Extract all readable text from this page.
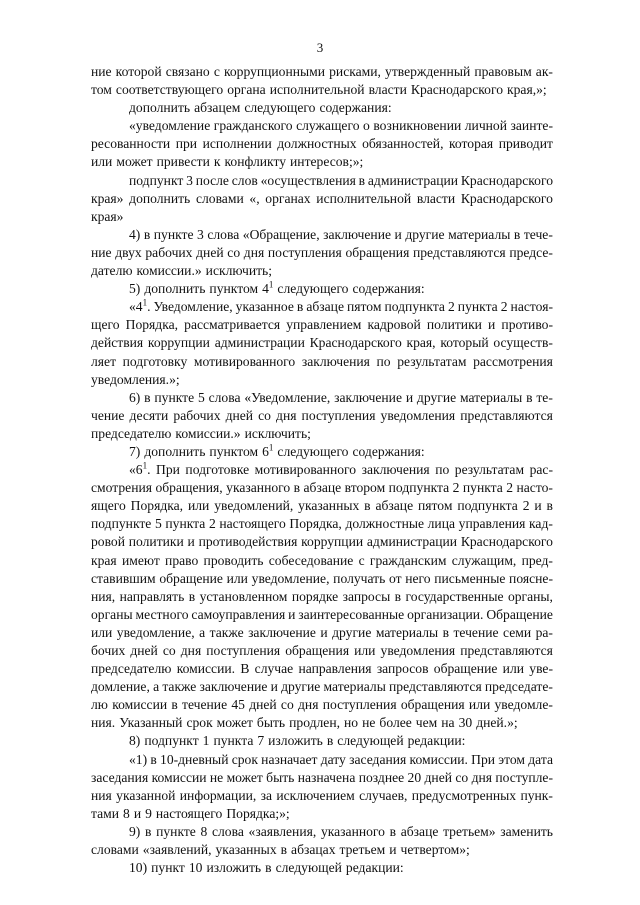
3
ние которой связано с коррупционными рисками, утвержденный правовым ак-
том соответствующего органа исполнительной власти Краснодарского края,»;
дополнить абзацем следующего содержания:
«уведомление гражданского служащего о возникновении личной заинте-
ресованности при исполнении должностных обязанностей, которая приводит
или может привести к конфликту интересов;»;
подпункт 3 после слов «осуществления в администрации Краснодарского
края» дополнить словами «, органах исполнительной власти Краснодарского
края»
4) в пункте 3 слова «Обращение, заключение и другие материалы в тече-
ние двух рабочих дней со дня поступления обращения представляются предсе-
дателю комиссии.» исключить;
5) дополнить пунктом $4^1$ следующего содержания:
«$4^1$. Уведомление, указанное в абзаце пятом подпункта 2 пункта 2 настоя-
щего Порядка, рассматривается управлением кадровой политики и противо-
действия коррупции администрации Краснодарского края, который осуществ-
ляет подготовку мотивированного заключения по результатам рассмотрения
уведомления.»;
6) в пункте 5 слова «Уведомление, заключение и другие материалы в те-
чение десяти рабочих дней со дня поступления уведомления представляются
председателю комиссии.» исключить;
7) дополнить пунктом $6^1$ следующего содержания:
«$6^1$. При подготовке мотивированного заключения по результатам рас-
смотрения обращения, указанного в абзаце втором подпункта 2 пункта 2 насто-
ящего Порядка, или уведомлений, указанных в абзаце пятом подпункта 2 и в
подпункте 5 пункта 2 настоящего Порядка, должностные лица управления кад-
ровой политики и противодействия коррупции администрации Краснодарского
края имеют право проводить собеседование с гражданским служащим, пред-
ставившим обращение или уведомление, получать от него письменные поясне-
ния, направлять в установленном порядке запросы в государственные органы,
органы местного самоуправления и заинтересованные организации. Обращение
или уведомление, а также заключение и другие материалы в течение семи ра-
бочих дней со дня поступления обращения или уведомления представляются
председателю комиссии. В случае направления запросов обращение или уве-
домление, а также заключение и другие материалы представляются председате-
лю комиссии в течение 45 дней со дня поступления обращения или уведомле-
ния. Указанный срок может быть продлен, но не более чем на 30 дней.»;
8) подпункт 1 пункта 7 изложить в следующей редакции:
«1) в 10-дневный срок назначает дату заседания комиссии. При этом дата
заседания комиссии не может быть назначена позднее 20 дней со дня поступле-
ния указанной информации, за исключением случаев, предусмотренных пунк-
тами 8 и 9 настоящего Порядка;»;
9) в пункте 8 слова «заявления, указанного в абзаце третьем» заменить
словами «заявлений, указанных в абзацах третьем и четвертом»;
10) пункт 10 изложить в следующей редакции:
